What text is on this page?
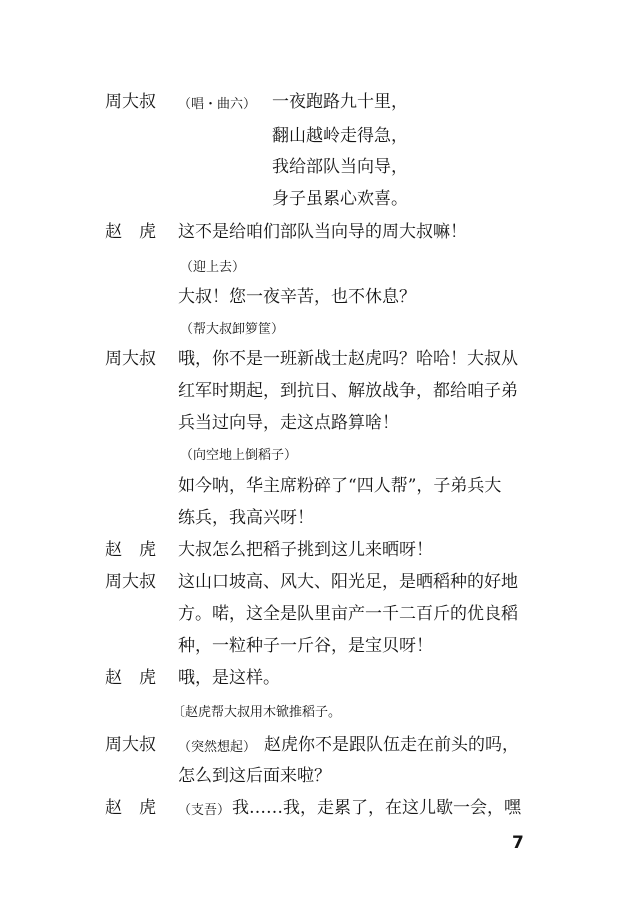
周大叔 （唱・曲六） 一夜跑路九十里，
翻山越岭走得急，
我给部队当向导，
身子虽累心欢喜。
赵　虎 这不是给咱们部队当向导的周大叔嘛！
（迎上去）
大叔！您一夜辛苦，也不休息？
（帮大叔卸箩筐）
周大叔 哦，你不是一班新战士赵虎吗？哈哈！大叔从
红军时期起，到抗日、解放战争，都给咱子弟
兵当过向导，走这点路算啥！
（向空地上倒稻子）
如今呐，华主席粉碎了“四人帮”，子弟兵大
练兵，我高兴呀！
赵　虎 大叔怎么把稻子挑到这儿来晒呀！
周大叔 这山口坡高、风大、阳光足，是晒稻种的好地
方。喏，这全是队里亩产一千二百斤的优良稻
种，一粒种子一斤谷，是宝贝呀！
赵　虎 哦，是这样。
〔赵虎帮大叔用木锨推稻子。
周大叔 （突然想起） 赵虎你不是跟队伍走在前头的吗，
怎么到这后面来啦？
赵　虎 （支吾） 我……我，走累了，在这儿歇一会，嘿
7
